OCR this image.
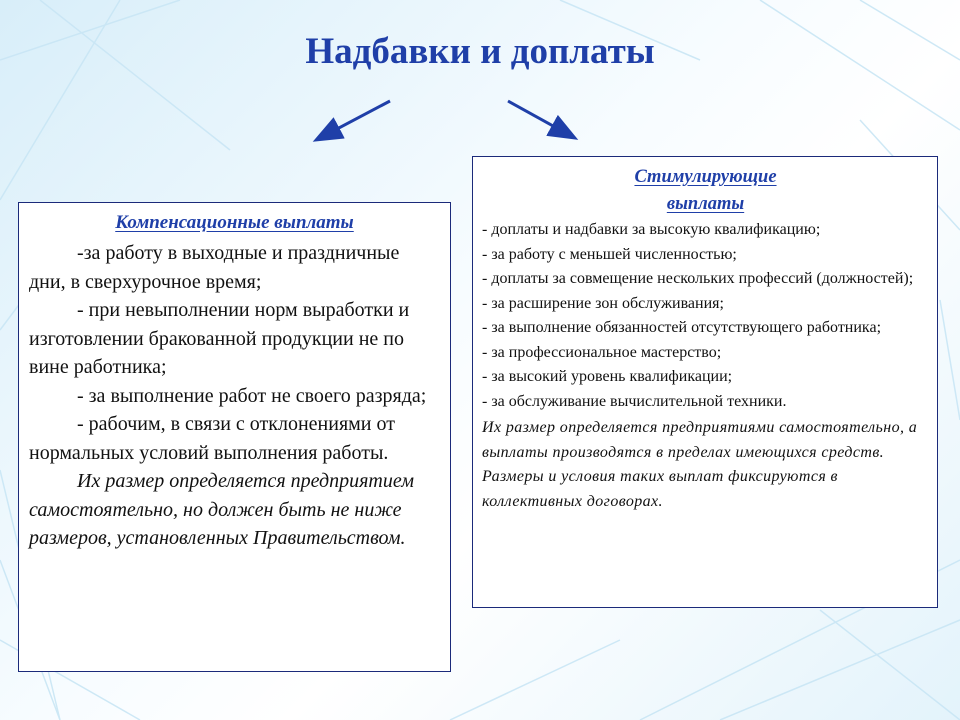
Надбавки и доплаты
Компенсационные выплаты
-за работу в выходные и праздничные дни, в сверхурочное время;
- при невыполнении норм выработки и изготовлении бракованной продукции не по вине работника;
- за выполнение работ не своего разряда;
- рабочим, в связи с отклонениями от нормальных условий выполнения работы.
Их размер определяется предприятием самостоятельно, но должен быть не ниже размеров, установленных Правительством.
Стимулирующие
выплаты
- доплаты и надбавки за высокую квалификацию;
- за работу с меньшей численностью;
- доплаты за совмещение нескольких профессий (должностей);
- за расширение зон обслуживания;
- за выполнение обязанностей отсутствующего работника;
- за профессиональное мастерство;
- за высокий уровень квалификации;
- за обслуживание вычислительной техники.
Их размер определяется предприятиями самостоятельно, а выплаты производятся в пределах имеющихся средств. Размеры и условия таких выплат фиксируются в коллективных договорах.
